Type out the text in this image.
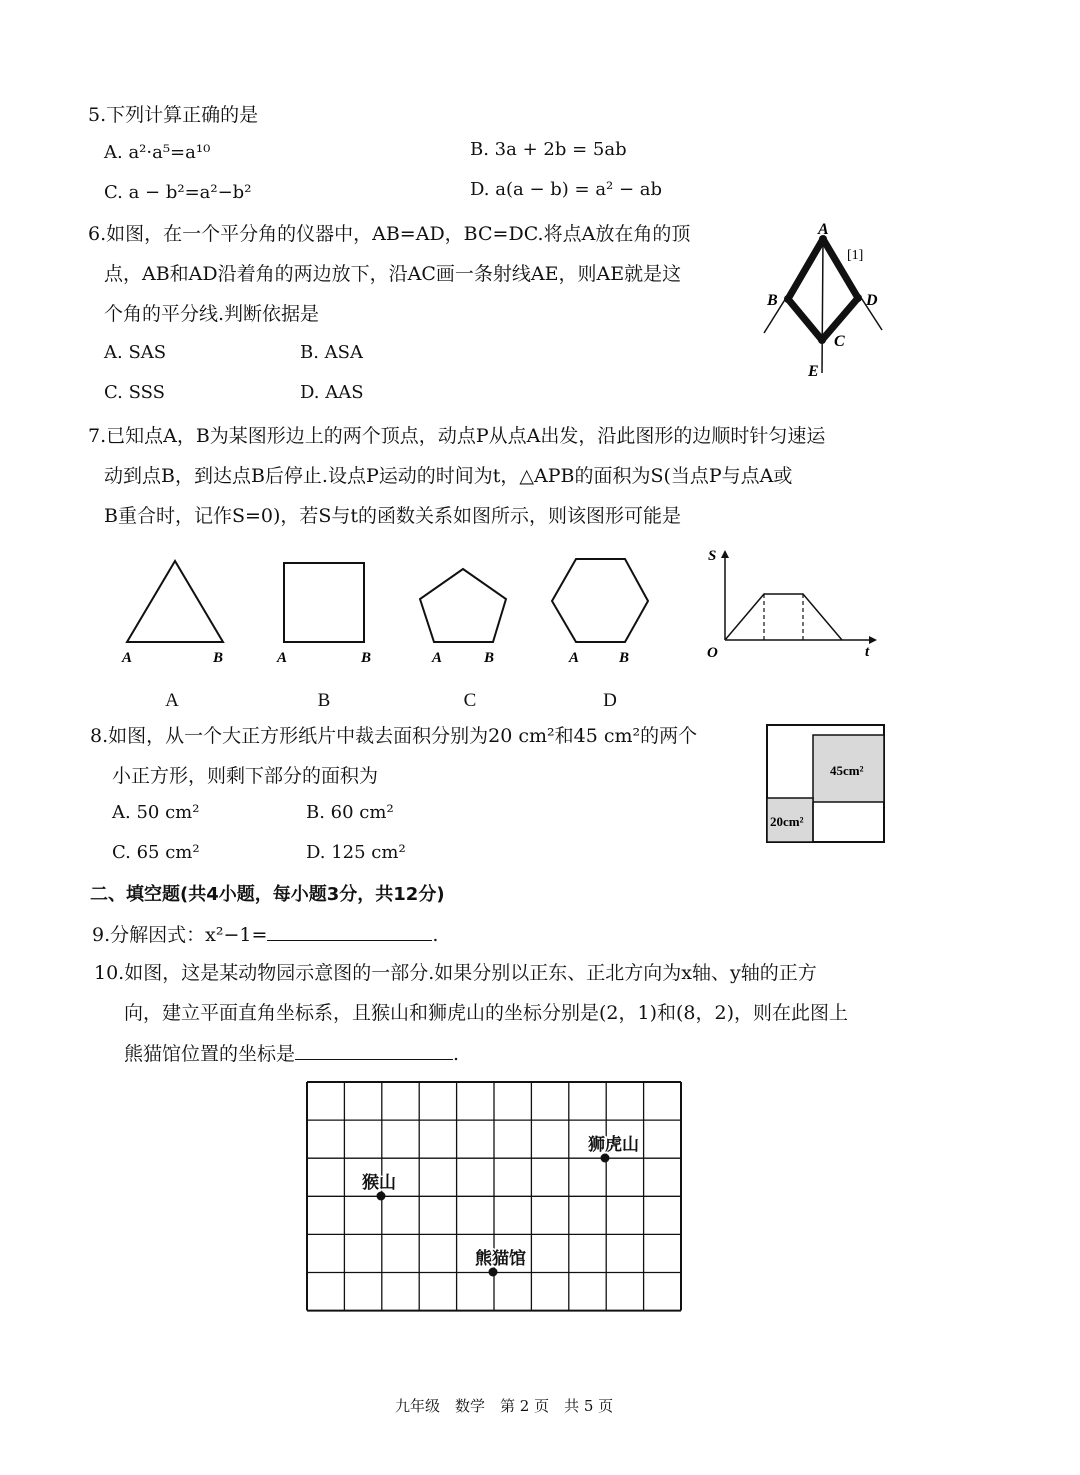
5.下列计算正确的是
A. a²·a⁵=a¹⁰	B. 3a + 2b = 5ab
C. a − b²=a²−b²	D. a(a − b) = a² − ab
6.如图，在一个平分角的仪器中，AB=AD，BC=DC.将点A放在角的顶
点，AB和AD沿着角的两边放下，沿AC画一条射线AE，则AE就是这
个角的平分线.判断依据是
A. SAS	B. ASA
C. SSS	D. AAS
A
B
C
D
E
[1]
7.已知点A，B为某图形边上的两个顶点，动点P从点A出发，沿此图形的边顺时针匀速运
动到点B，到达点B后停止.设点P运动的时间为t，△APB的面积为S(当点P与点A或
B重合时，记作S=0)，若S与t的函数关系如图所示，则该图形可能是
A	B	A	B	A	B	A	B
S
t
O
A	B	C	D
8.如图，从一个大正方形纸片中裁去面积分别为20 cm²和45 cm²的两个
小正方形，则剩下部分的面积为
A. 50 cm²	B. 60 cm²
C. 65 cm²	D. 125 cm²
45cm²
20cm²
二、填空题(共4小题，每小题3分，共12分)
9.分解因式：x²−1=	.
10.如图，这是某动物园示意图的一部分.如果分别以正东、正北方向为x轴、y轴的正方
向，建立平面直角坐标系，且猴山和狮虎山的坐标分别是(2，1)和(8，2)，则在此图上
熊猫馆位置的坐标是	.
狮虎山
猴山
熊猫馆
九年级　数学　第 2 页　共 5 页
